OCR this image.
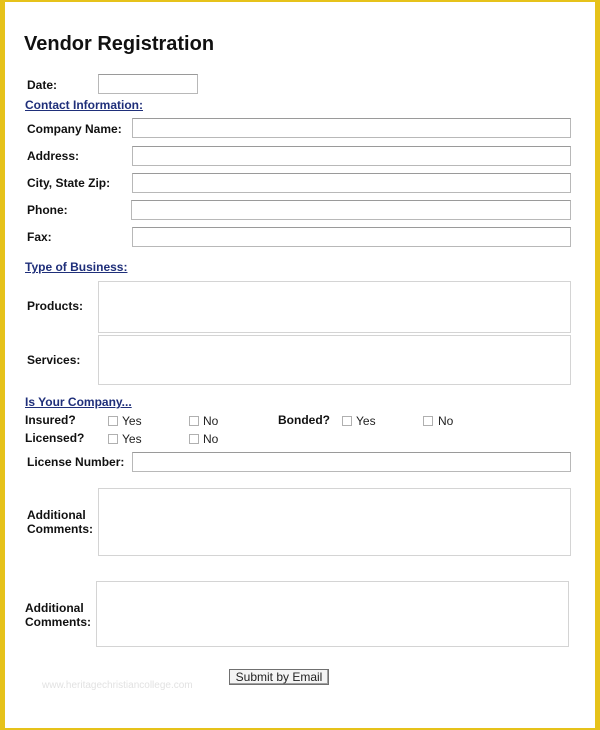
Vendor Registration
Date:
Contact Information:
Company Name:
Address:
City, State Zip:
Phone:
Fax:
Type of Business:
Products:
Services:
Is Your Company...
Insured?	Yes	No	Bonded? Yes	No
Licensed?	Yes	No
License Number:
Additional
Comments:
Additional
Comments:
www.heritagechristiancollege.com
Submit by Email
